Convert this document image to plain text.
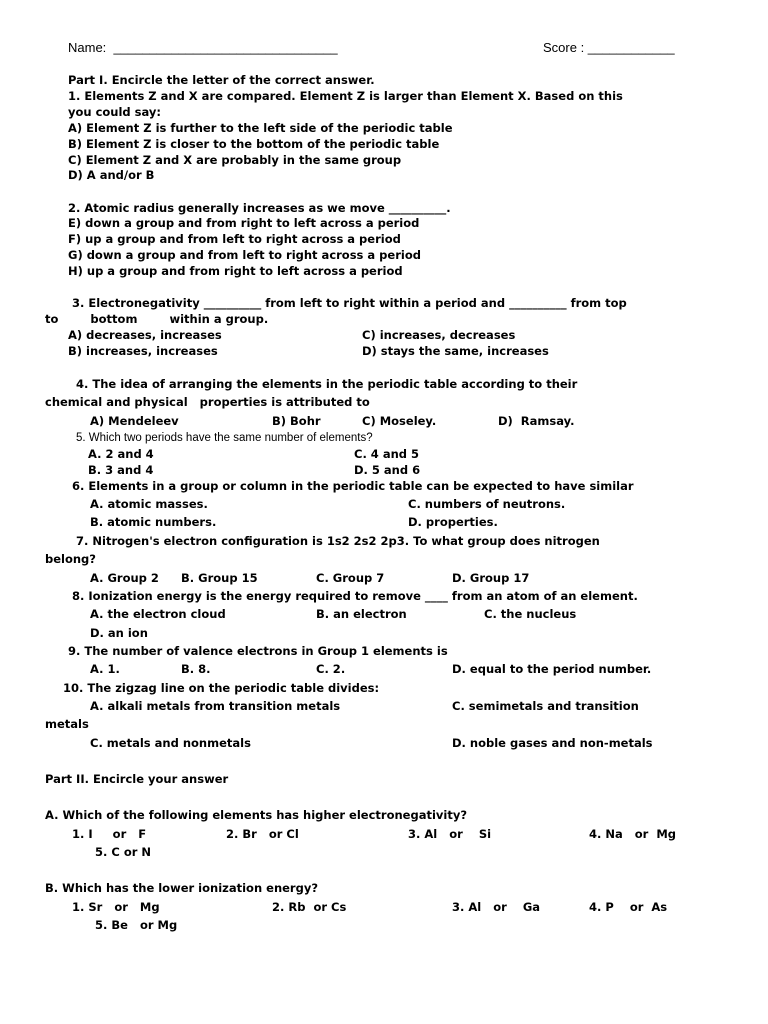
Name:  _______________________________	Score : ____________
Part I. Encircle the letter of the correct answer.
1. Elements Z and X are compared. Element Z is larger than Element X. Based on this
you could say:
A) Element Z is further to the left side of the periodic table
B) Element Z is closer to the bottom of the periodic table
C) Element Z and X are probably in the same group
D) A and/or B
2. Atomic radius generally increases as we move __________.
E) down a group and from right to left across a period
F) up a group and from left to right across a period
G) down a group and from left to right across a period
H) up a group and from right to left across a period
3. Electronegativity __________ from left to right within a period and __________ from top
to        bottom        within a group.
A) decreases, increases	C) increases, decreases
B) increases, increases	D) stays the same, increases
4. The idea of arranging the elements in the periodic table according to their
chemical and physical   properties is attributed to
A) Mendeleev	B) Bohr	C) Moseley.	D)  Ramsay.
5. Which two periods have the same number of elements?
A. 2 and 4	C. 4 and 5
B. 3 and 4	D. 5 and 6
6. Elements in a group or column in the periodic table can be expected to have similar
A. atomic masses.	C. numbers of neutrons.
B. atomic numbers.	D. properties.
7. Nitrogen's electron configuration is 1s2 2s2 2p3. To what group does nitrogen
belong?
A. Group 2 B. Group 15	C. Group 7	D. Group 17
8. Ionization energy is the energy required to remove ____ from an atom of an element.
A. the electron cloud	B. an electron	C. the nucleus
D. an ion
9. The number of valence electrons in Group 1 elements is
A. 1.	B. 8.	C. 2.	D. equal to the period number.
10. The zigzag line on the periodic table divides:
A. alkali metals from transition metals	C. semimetals and transition
metals
C. metals and nonmetals	D. noble gases and non-metals
Part II. Encircle your answer
A. Which of the following elements has higher electronegativity?
1. I     or   F	2. Br   or Cl	3. Al   or    Si	4. Na   or  Mg
5. C or N
B. Which has the lower ionization energy?
1. Sr   or   Mg	2. Rb  or Cs	3. Al   or    Ga	4. P    or  As
5. Be   or Mg
